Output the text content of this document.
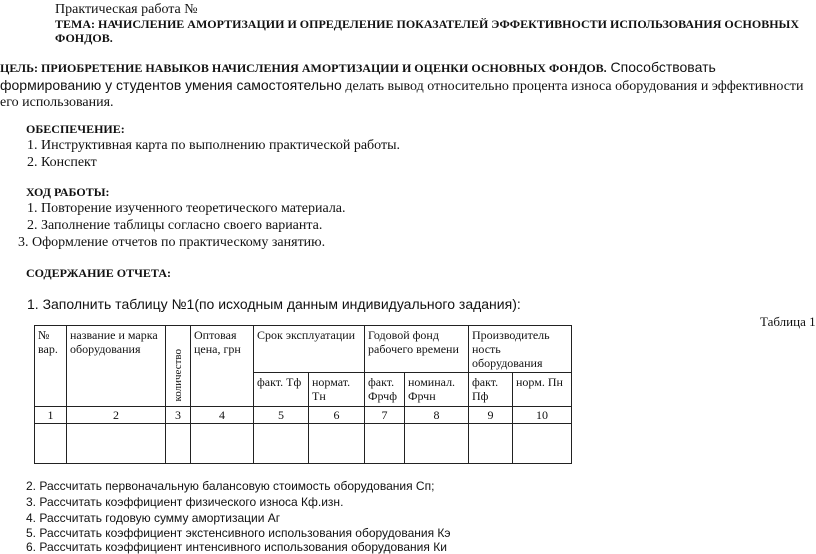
Практическая работа №
ТЕМА: НАЧИСЛЕНИЕ АМОРТИЗАЦИИ И ОПРЕДЕЛЕНИЕ ПОКАЗАТЕЛЕЙ ЭФФЕКТИВНОСТИ ИСПОЛЬЗОВАНИЯ ОСНОВНЫХ
ФОНДОВ.
ЦЕЛЬ: ПРИОБРЕТЕНИЕ НАВЫКОВ НАЧИСЛЕНИЯ АМОРТИЗАЦИИ И ОЦЕНКИ ОСНОВНЫХ ФОНДОВ. Способствовать
формированию у студентов умения самостоятельно делать вывод относительно процента износа оборудования и эффективности
его использования.
ОБЕСПЕЧЕНИЕ:
1. Инструктивная карта по выполнению практической работы.
2. Конспект
ХОД РАБОТЫ:
1. Повторение изученного теоретического материала.
2. Заполнение таблицы согласно своего варианта.
3. Оформление отчетов по практическому занятию.
СОДЕРЖАНИЕ ОТЧЕТА:
1. Заполнить таблицу №1(по исходным данным индивидуального задания):
Таблица 1
№ вар.	название и марка оборудования	количество	Оптовая цена, грн	Срок эксплуатации		Годовой фонд рабочего времени		Производитель ность оборудования	
				факт. Тф	нормат. Тн	факт. Фрчф	номинал. Фрчн	факт. Пф	норм. Пн
1	2	3	4	5	6	7	8	9	10

2. Рассчитать первоначальную балансовую стоимость оборудования Сп;
3. Рассчитать коэффициент физического износа Кф.изн.
4. Рассчитать годовую сумму амортизации Аг
5. Рассчитать коэффициент экстенсивного использования оборудования Кэ
6. Рассчитать коэффициент интенсивного использования оборудования Ки
